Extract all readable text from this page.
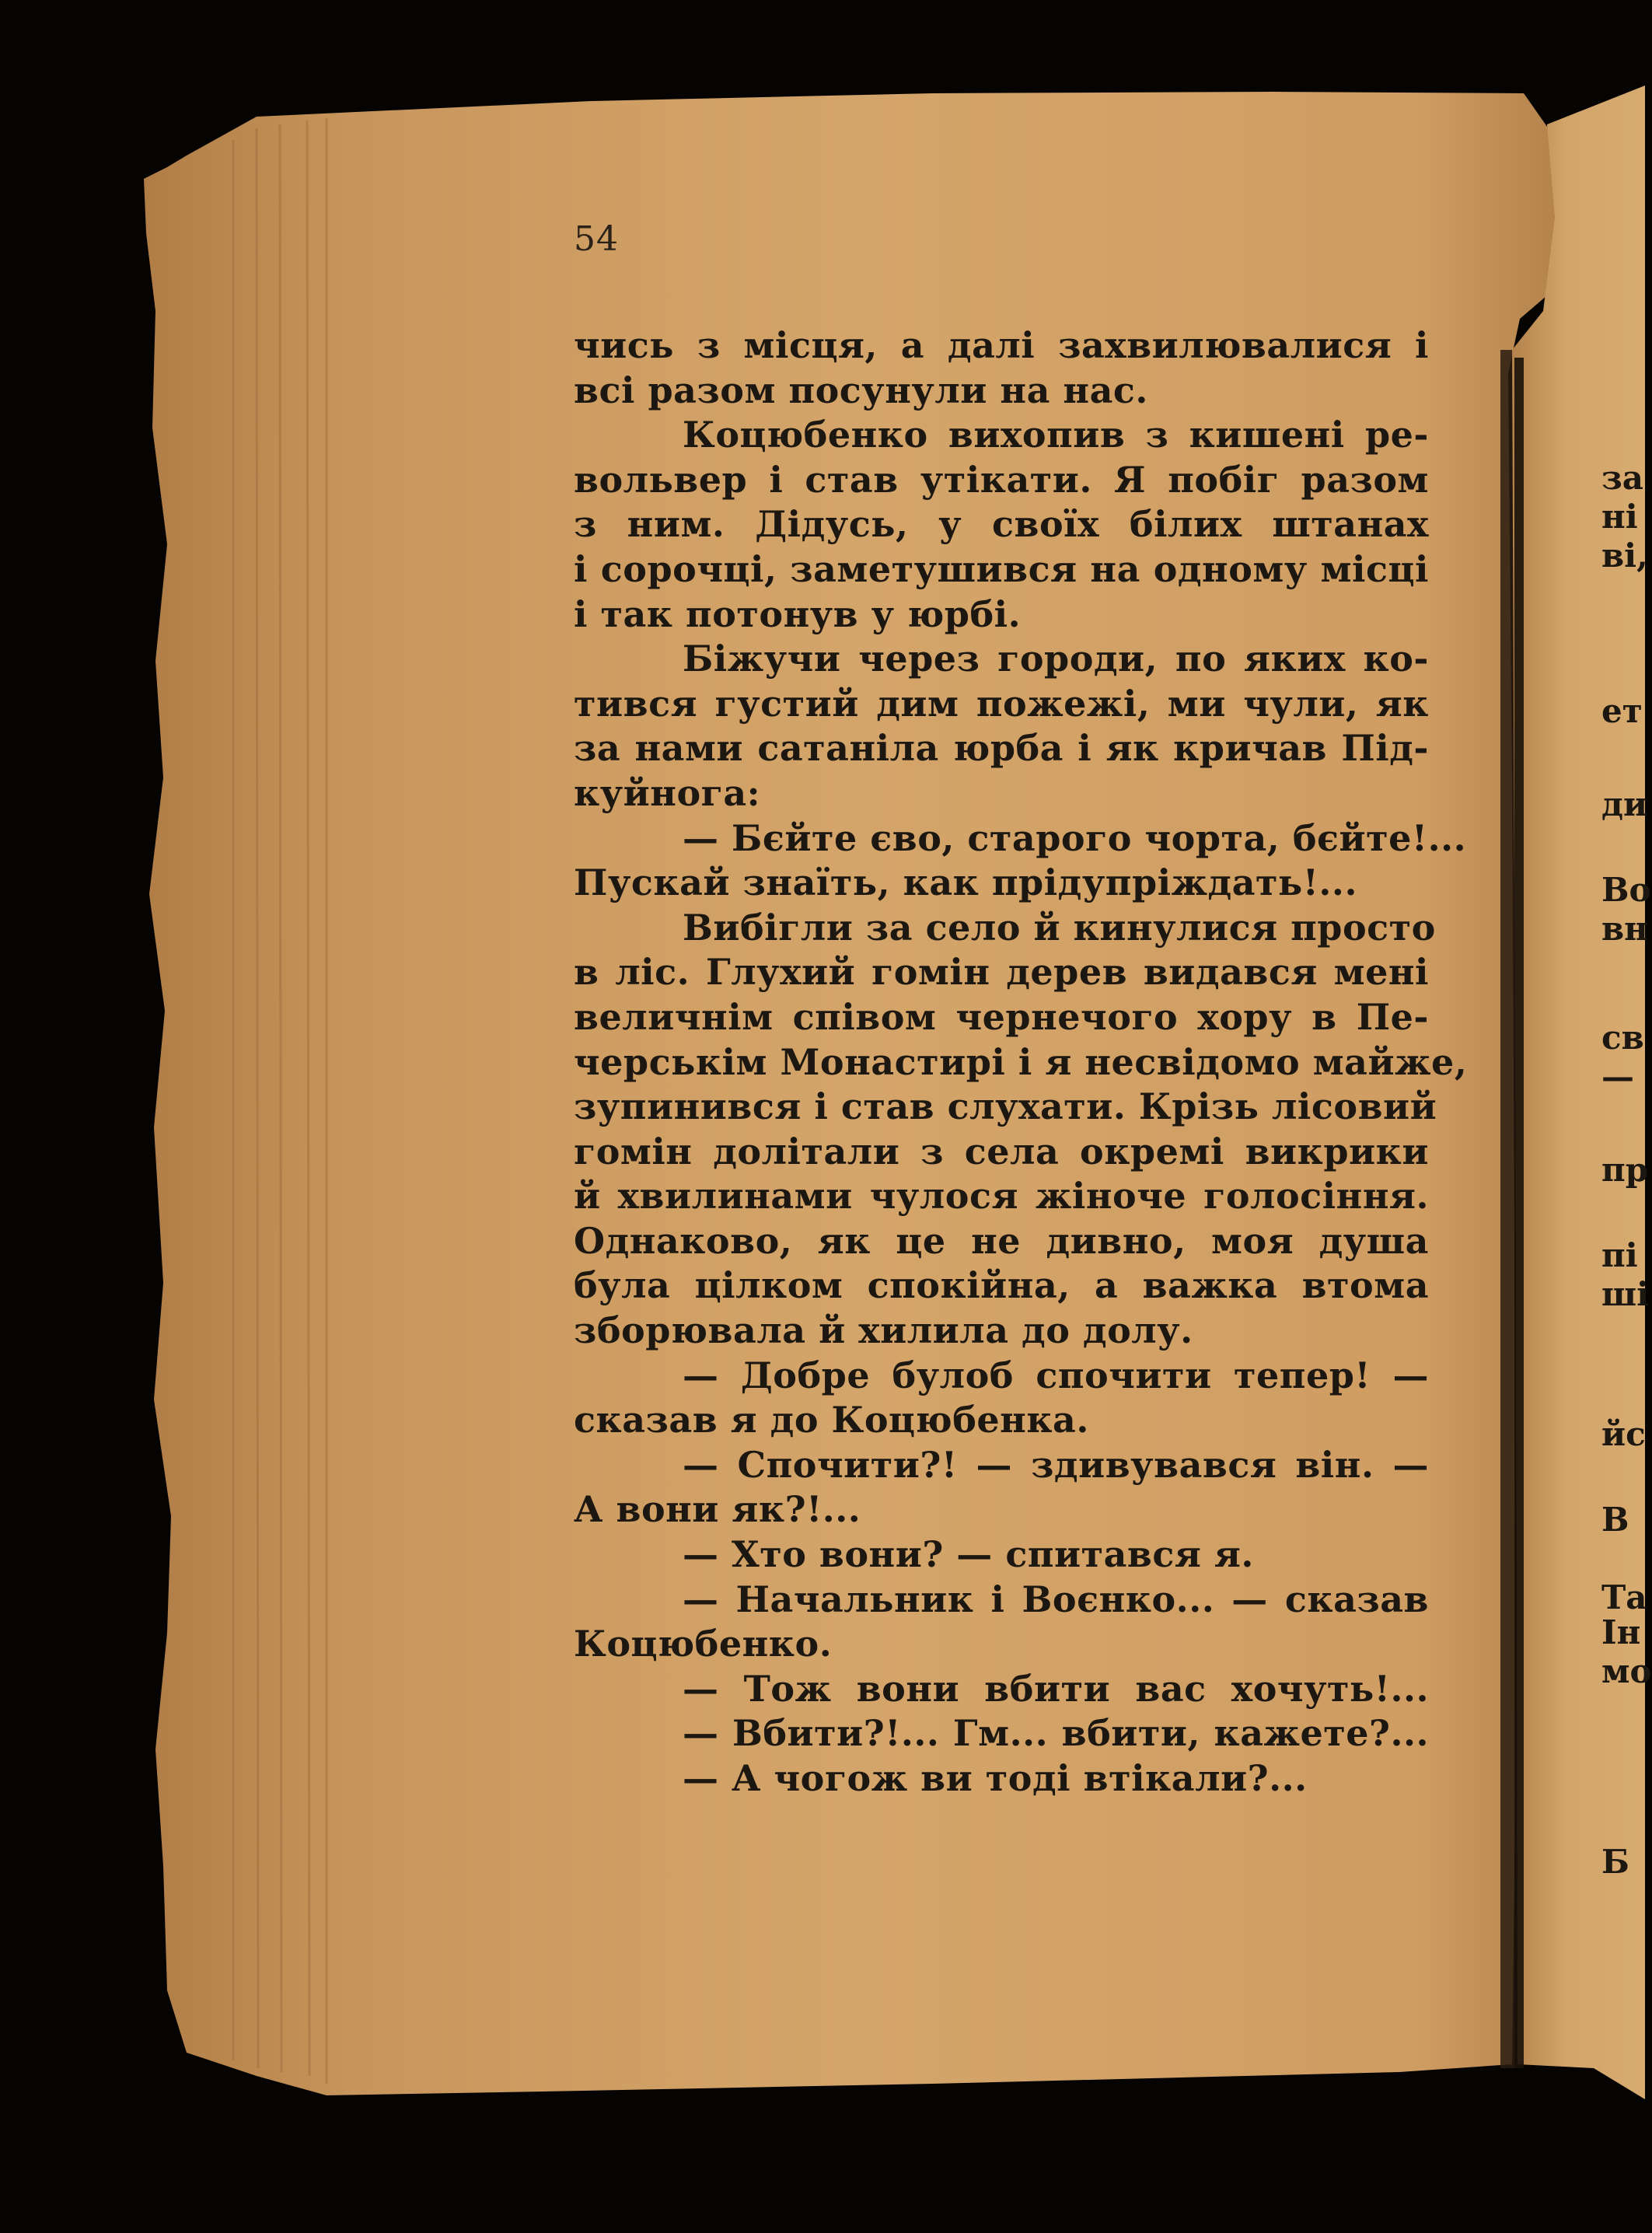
54
чись з місця, а далі захвилювалися і
всі разом посунули на нас.
Коцюбенко вихопив з кишені ре-
вольвер і став утікати. Я побіг разом
з ним. Дідусь, у своїх білих штанах
і сорочці, заметушився на одному місці
і так потонув у юрбі.
Біжучи через городи, по яких ко-
тився густий дим пожежі, ми чули, як
за нами сатаніла юрба і як кричав Під-
куйнога:
— Бєйте єво, старого чорта, бєйте!...
Пускай знаїть, как прідупріждать!...
Вибігли за село й кинулися просто
в ліс. Глухий гомін дерев видався мені
величнім співом чернечого хору в Пе-
черськім Монастирі і я несвідомо майже,
зупинився і став слухати. Крізь лісовий
гомін долітали з села окремі викрики
й хвилинами чулося жіноче голосіння.
Однаково, як це не дивно, моя душа
була цілком спокійна, а важка втома
зборювала й хилила до долу.
— Добре булоб спочити тепер! —
сказав я до Коцюбенка.
— Спочити?! — здивувався він. —
А вони як?!...
— Хто вони? — спитався я.
— Начальник і Воєнко... — сказав
Коцюбенко.
— Тож вони вбити вас хочуть!...
— Вбити?!... Гм... вбити, кажете?...
— А чогож ви тоді втікали?...
за
ні
ві,
ет
ди
Во
вн
св
—
пр
пі
ші
йс
В
Та
Ін
мо
Б
